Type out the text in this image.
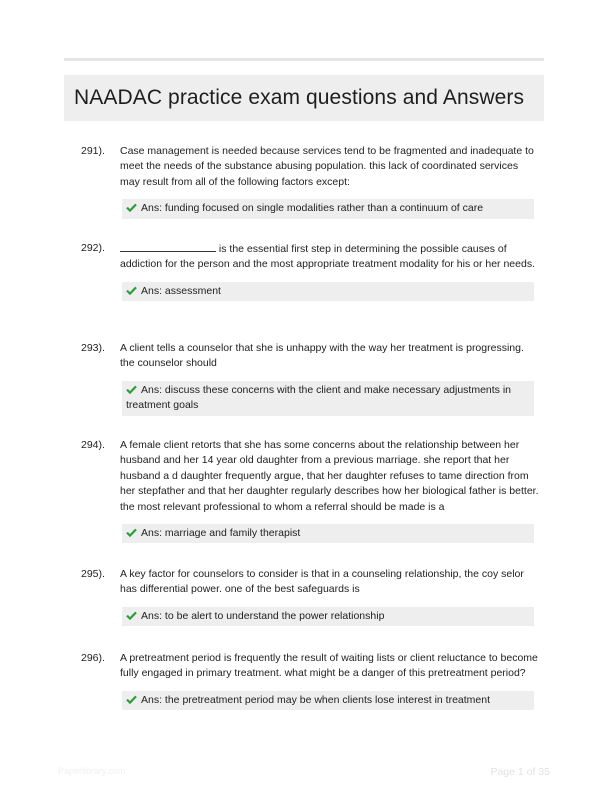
NAADAC practice exam questions and Answers
291).	Case management is needed because services tend to be fragmented and inadequate to meet the needs of the substance abusing population. this lack of coordinated services may result from all of the following factors except:
Ans: funding focused on single modalities rather than a continuum of care
292).	is the essential first step in determining the possible causes of addiction for the person and the most appropriate treatment modality for his or her needs.
Ans: assessment
293).	A client tells a counselor that she is unhappy with the way her treatment is progressing. the counselor should
Ans: discuss these concerns with the client and make necessary adjustments in treatment goals
294).	A female client retorts that she has some concerns about the relationship between her husband and her 14 year old daughter from a previous marriage. she report that her husband a d daughter frequently argue, that her daughter refuses to tame direction from her stepfather and that her daughter regularly describes how her biological father is better. the most relevant professional to whom a referral should be made is a
Ans: marriage and family therapist
295).	A key factor for counselors to consider is that in a counseling relationship, the coy selor has differential power. one of the best safeguards is
Ans: to be alert to understand the power relationship
296).	A pretreatment period is frequently the result of waiting lists or client reluctance to become fully engaged in primary treatment. what might be a danger of this pretreatment period?
Ans: the pretreatment period may be when clients lose interest in treatment
Paperlibrary.com	Page 1 of 35
